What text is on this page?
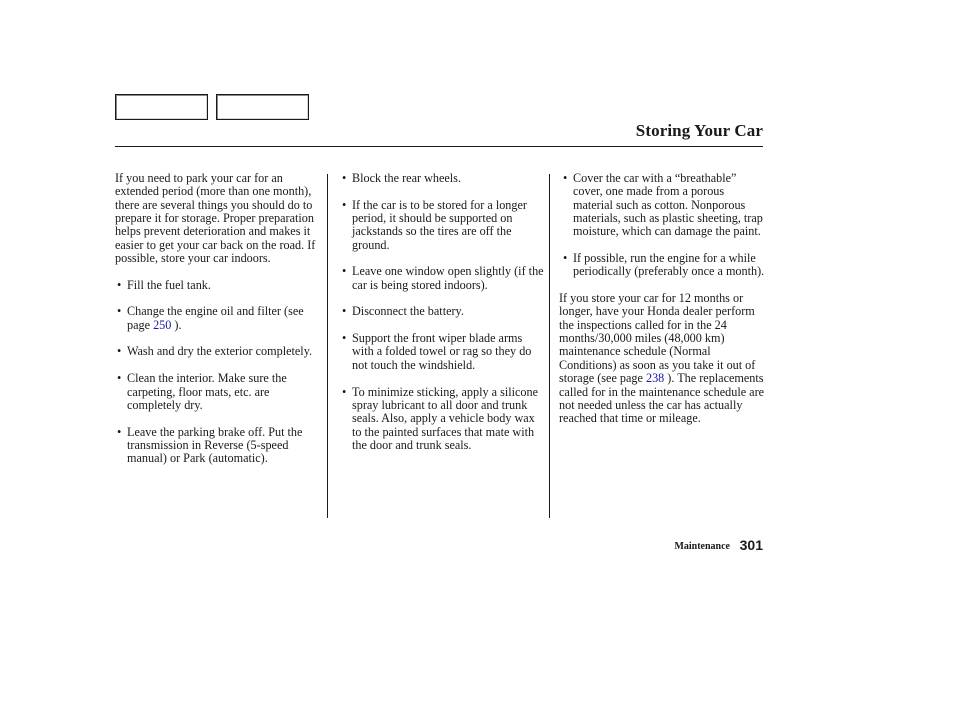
Storing Your Car

If you need to park your car for an extended period (more than one month), there are several things you should do to prepare it for storage. Proper preparation helps prevent deterioration and makes it easier to get your car back on the road. If possible, store your car indoors.

• Fill the fuel tank.
• Change the engine oil and filter (see page 250 ).
• Wash and dry the exterior completely.
• Clean the interior. Make sure the carpeting, floor mats, etc. are completely dry.
• Leave the parking brake off. Put the transmission in Reverse (5-speed manual) or Park (automatic).
• Block the rear wheels.
• If the car is to be stored for a longer period, it should be supported on jackstands so the tires are off the ground.
• Leave one window open slightly (if the car is being stored indoors).
• Disconnect the battery.
• Support the front wiper blade arms with a folded towel or rag so they do not touch the windshield.
• To minimize sticking, apply a silicone spray lubricant to all door and trunk seals. Also, apply a vehicle body wax to the painted surfaces that mate with the door and trunk seals.
• Cover the car with a “breathable” cover, one made from a porous material such as cotton. Nonporous materials, such as plastic sheeting, trap moisture, which can damage the paint.
• If possible, run the engine for a while periodically (preferably once a month).

If you store your car for 12 months or longer, have your Honda dealer perform the inspections called for in the 24 months/30,000 miles (48,000 km) maintenance schedule (Normal Conditions) as soon as you take it out of storage (see page 238 ). The replacements called for in the maintenance schedule are not needed unless the car has actually reached that time or mileage.

Maintenance 301
